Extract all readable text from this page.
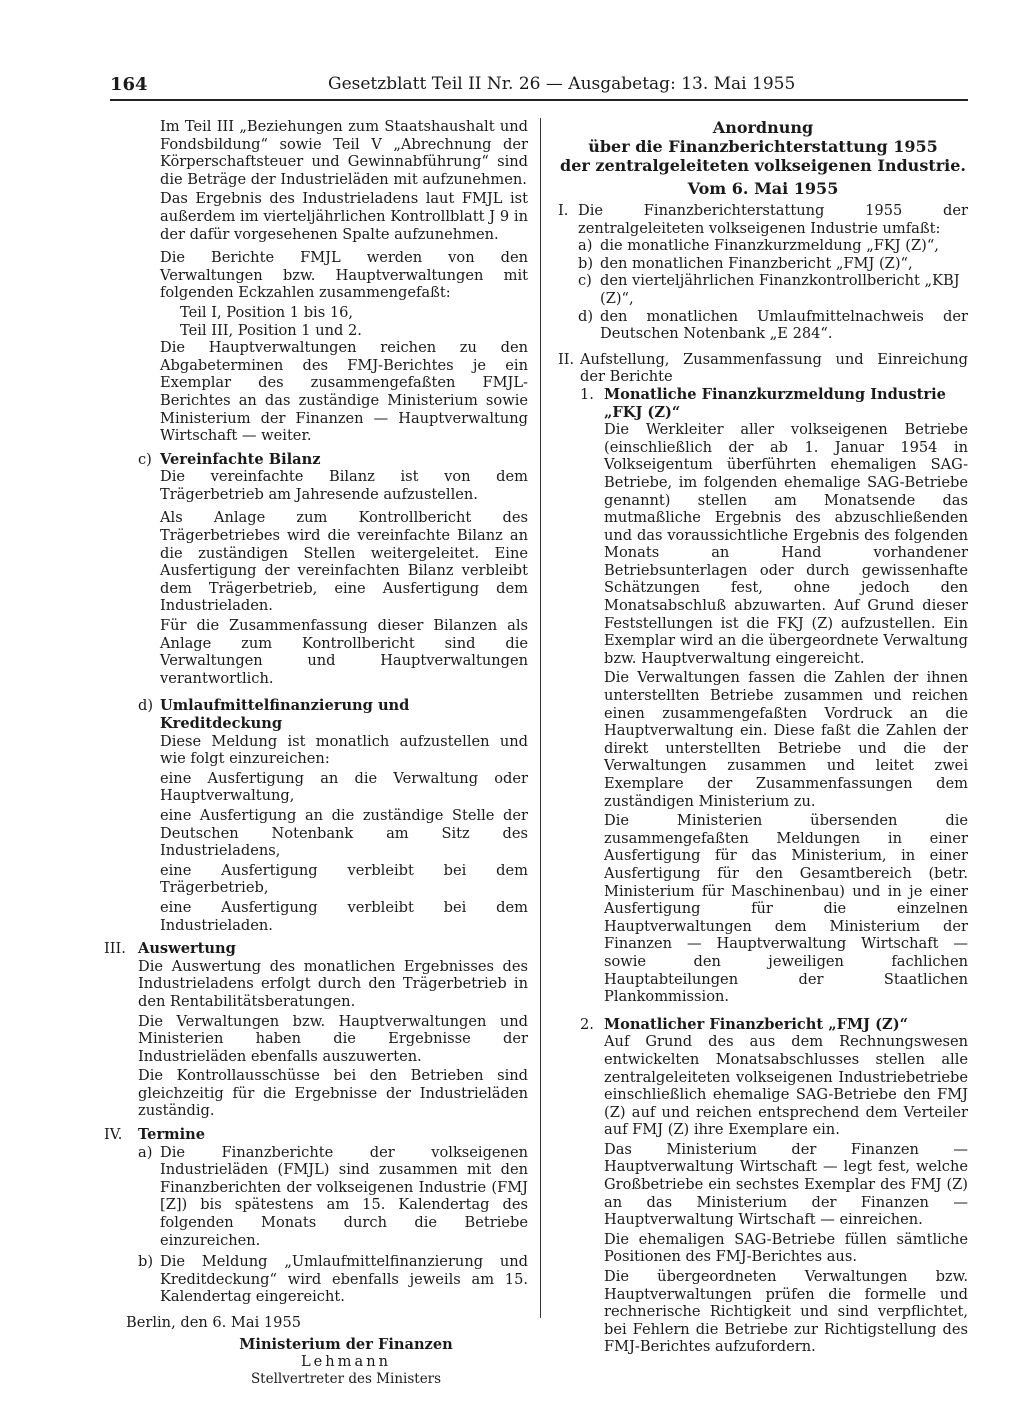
164	Gesetzblatt Teil II Nr. 26 — Ausgabetag: 13. Mai 1955

Im Teil III „Beziehungen zum Staatshaushalt und Fondsbildung“ sowie Teil V „Abrechnung der Körperschaftsteuer und Gewinnabführung“ sind die Beträge der Industrieläden mit aufzunehmen.

Das Ergebnis des Industrieladens laut FMJL ist außerdem im vierteljährlichen Kontrollblatt J 9 in der dafür vorgesehenen Spalte aufzunehmen.

Die Berichte FMJL werden von den Verwaltungen bzw. Hauptverwaltungen mit folgenden Eckzahlen zusammengefaßt:

Teil I, Position 1 bis 16,
Teil III, Position 1 und 2.

Die Hauptverwaltungen reichen zu den Abgabeterminen des FMJ-Berichtes je ein Exemplar des zusammengefaßten FMJL-Berichtes an das zuständige Ministerium sowie Ministerium der Finanzen — Hauptverwaltung Wirtschaft — weiter.

c) Vereinfachte Bilanz

Die vereinfachte Bilanz ist von dem Trägerbetrieb am Jahresende aufzustellen.

Als Anlage zum Kontrollbericht des Trägerbetriebes wird die vereinfachte Bilanz an die zuständigen Stellen weitergeleitet. Eine Ausfertigung der vereinfachten Bilanz verbleibt dem Trägerbetrieb, eine Ausfertigung dem Industrieladen.

Für die Zusammenfassung dieser Bilanzen als Anlage zum Kontrollbericht sind die Verwaltungen und Hauptverwaltungen verantwortlich.

d) Umlaufmittelfinanzierung und Kreditdeckung

Diese Meldung ist monatlich aufzustellen und wie folgt einzureichen:

eine Ausfertigung an die Verwaltung oder Hauptverwaltung,

eine Ausfertigung an die zuständige Stelle der Deutschen Notenbank am Sitz des Industrieladens,

eine Ausfertigung verbleibt bei dem Trägerbetrieb,

eine Ausfertigung verbleibt bei dem Industrieladen.

III. Auswertung

Die Auswertung des monatlichen Ergebnisses des Industrieladens erfolgt durch den Trägerbetrieb in den Rentabilitätsberatungen.

Die Verwaltungen bzw. Hauptverwaltungen und Ministerien haben die Ergebnisse der Industrieläden ebenfalls auszuwerten.

Die Kontrollausschüsse bei den Betrieben sind gleichzeitig für die Ergebnisse der Industrieläden zuständig.

IV.	Termine
a) Die Finanzberichte der volkseigenen Industrieläden (FMJL) sind zusammen mit den Finanzberichten der volkseigenen Industrie (FMJ [Z]) bis spätestens am 15. Kalendertag des folgenden Monats durch die Betriebe einzureichen.
b) Die Meldung „Umlaufmittelfinanzierung und Kreditdeckung“ wird ebenfalls jeweils am 15. Kalendertag eingereicht.
Berlin, den 6. Mai 1955
Ministerium der Finanzen
Lehmann
Stellvertreter des Ministers
Anordnung
über die Finanzberichterstattung 1955
der zentralgeleiteten volkseigenen Industrie.
Vom 6. Mai 1955
I. Die Finanzberichterstattung 1955 der zentralgeleiteten volkseigenen Industrie umfaßt:
a) die monatliche Finanzkurzmeldung „FKJ (Z)“,
b) den monatlichen Finanzbericht „FMJ (Z)“,
c) den vierteljährlichen Finanzkontrollbericht „KBJ (Z)“,
d) den monatlichen Umlaufmittelnachweis der Deutschen Notenbank „E 284“.
II. Aufstellung, Zusammenfassung und Einreichung der Berichte
1. Monatliche Finanzkurzmeldung Industrie „FKJ (Z)“

Die Werkleiter aller volkseigenen Betriebe (einschließlich der ab 1. Januar 1954 in Volkseigentum überführten ehemaligen SAG-Betriebe, im folgenden ehemalige SAG-Betriebe genannt) stellen am Monatsende das mutmaßliche Ergebnis des abzuschließenden und das voraussichtliche Ergebnis des folgenden Monats an Hand vorhandener Betriebsunterlagen oder durch gewissenhafte Schätzungen fest, ohne jedoch den Monatsabschluß abzuwarten. Auf Grund dieser Feststellungen ist die FKJ (Z) aufzustellen. Ein Exemplar wird an die übergeordnete Verwaltung bzw. Hauptverwaltung eingereicht.

Die Verwaltungen fassen die Zahlen der ihnen unterstellten Betriebe zusammen und reichen einen zusammengefaßten Vordruck an die Hauptverwaltung ein. Diese faßt die Zahlen der direkt unterstellten Betriebe und die der Verwaltungen zusammen und leitet zwei Exemplare der Zusammenfassungen dem zuständigen Ministerium zu.

Die Ministerien übersenden die zusammengefaßten Meldungen in einer Ausfertigung für das Ministerium, in einer Ausfertigung für den Gesamtbereich (betr. Ministerium für Maschinenbau) und in je einer Ausfertigung für die einzelnen Hauptverwaltungen dem Ministerium der Finanzen — Hauptverwaltung Wirtschaft — sowie den jeweiligen fachlichen Hauptabteilungen der Staatlichen Plankommission.

2. Monatlicher Finanzbericht „FMJ (Z)“

Auf Grund des aus dem Rechnungswesen entwickelten Monatsabschlusses stellen alle zentralgeleiteten volkseigenen Industriebetriebe einschließlich ehemalige SAG-Betriebe den FMJ (Z) auf und reichen entsprechend dem Verteiler auf FMJ (Z) ihre Exemplare ein.

Das Ministerium der Finanzen — Hauptverwaltung Wirtschaft — legt fest, welche Großbetriebe ein sechstes Exemplar des FMJ (Z) an das Ministerium der Finanzen — Hauptverwaltung Wirtschaft — einreichen.

Die ehemaligen SAG-Betriebe füllen sämtliche Positionen des FMJ-Berichtes aus.

Die übergeordneten Verwaltungen bzw. Hauptverwaltungen prüfen die formelle und rechnerische Richtigkeit und sind verpflichtet, bei Fehlern die Betriebe zur Richtigstellung des FMJ-Berichtes aufzufordern.
